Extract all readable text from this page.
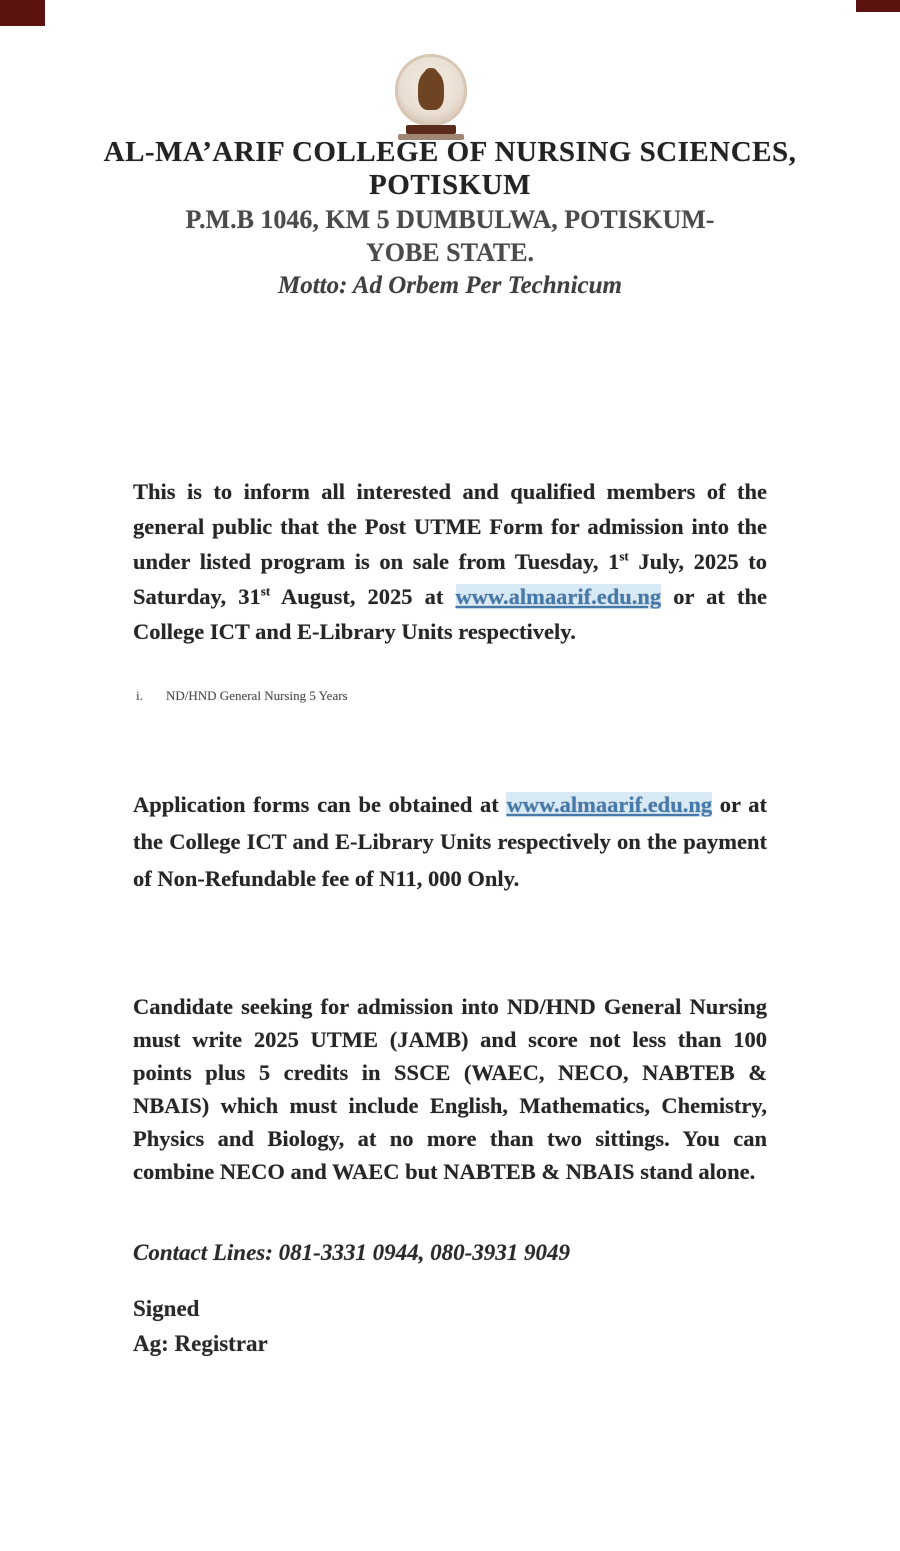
AL-MA’ARIF COLLEGE OF NURSING SCIENCES,
POTISKUM
P.M.B 1046, KM 5 DUMBULWA, POTISKUM-
YOBE STATE.
Motto: Ad Orbem Per Technicum
This is to inform all interested and qualified members of the general public that the Post UTME Form for admission into the under listed program is on sale from Tuesday, 1st July, 2025 to Saturday, 31st August, 2025 at www.almaarif.edu.ng or at the College ICT and E-Library Units respectively.
i. ND/HND General Nursing 5 Years
Application forms can be obtained at www.almaarif.edu.ng or at the College ICT and E-Library Units respectively on the payment of Non-Refundable fee of N11, 000 Only.
Candidate seeking for admission into ND/HND General Nursing must write 2025 UTME (JAMB) and score not less than 100 points plus 5 credits in SSCE (WAEC, NECO, NABTEB & NBAIS) which must include English, Mathematics, Chemistry, Physics and Biology, at no more than two sittings. You can combine NECO and WAEC but NABTEB & NBAIS stand alone.
Contact Lines: 081-3331 0944, 080-3931 9049
Signed
Ag: Registrar
